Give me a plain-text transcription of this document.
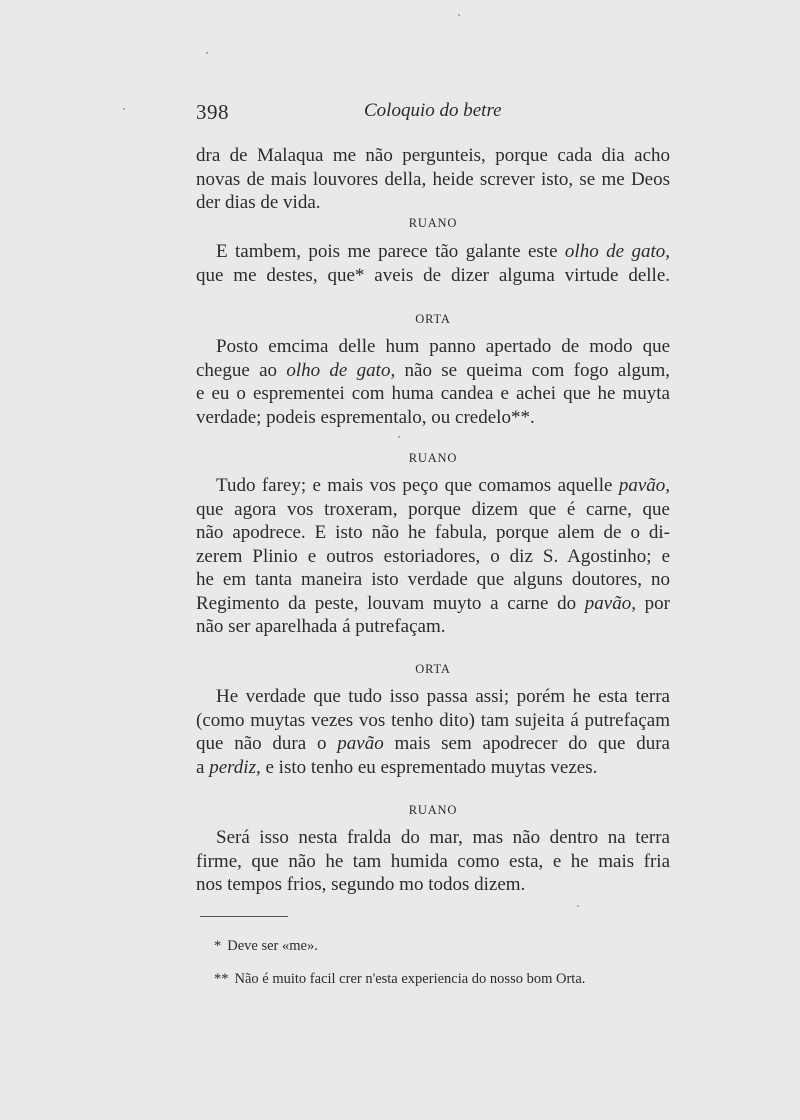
398	Coloquio do betre

dra de Malaqua me não pergunteis, porque cada dia acho
novas de mais louvores della, heide screver isto, se me Deos
der dias de vida.

RUANO

E tambem, pois me parece tão galante este olho de gato,
que me destes, que* aveis de dizer alguma virtude delle.

ORTA

Posto emcima delle hum panno apertado de modo que
chegue ao olho de gato, não se queima com fogo algum,
e eu o esprementei com huma candea e achei que he muyta
verdade; podeis esprementalo, ou credelo**.

RUANO

Tudo farey; e mais vos peço que comamos aquelle pavão,
que agora vos troxeram, porque dizem que é carne, que
não apodrece. E isto não he fabula, porque alem de o di-
zerem Plinio e outros estoriadores, o diz S. Agostinho; e
he em tanta maneira isto verdade que alguns doutores, no
Regimento da peste, louvam muyto a carne do pavão, por
não ser aparelhada á putrefaçam.

ORTA

He verdade que tudo isso passa assi; porém he esta terra
(como muytas vezes vos tenho dito) tam sujeita á putrefaçam
que não dura o pavão mais sem apodrecer do que dura
a perdiz, e isto tenho eu esprementado muytas vezes.

RUANO

Será isso nesta fralda do mar, mas não dentro na terra
firme, que não he tam humida como esta, e he mais fria
nos tempos frios, segundo mo todos dizem.

* Deve ser «me».
** Não é muito facil crer n'esta experiencia do nosso bom Orta.
